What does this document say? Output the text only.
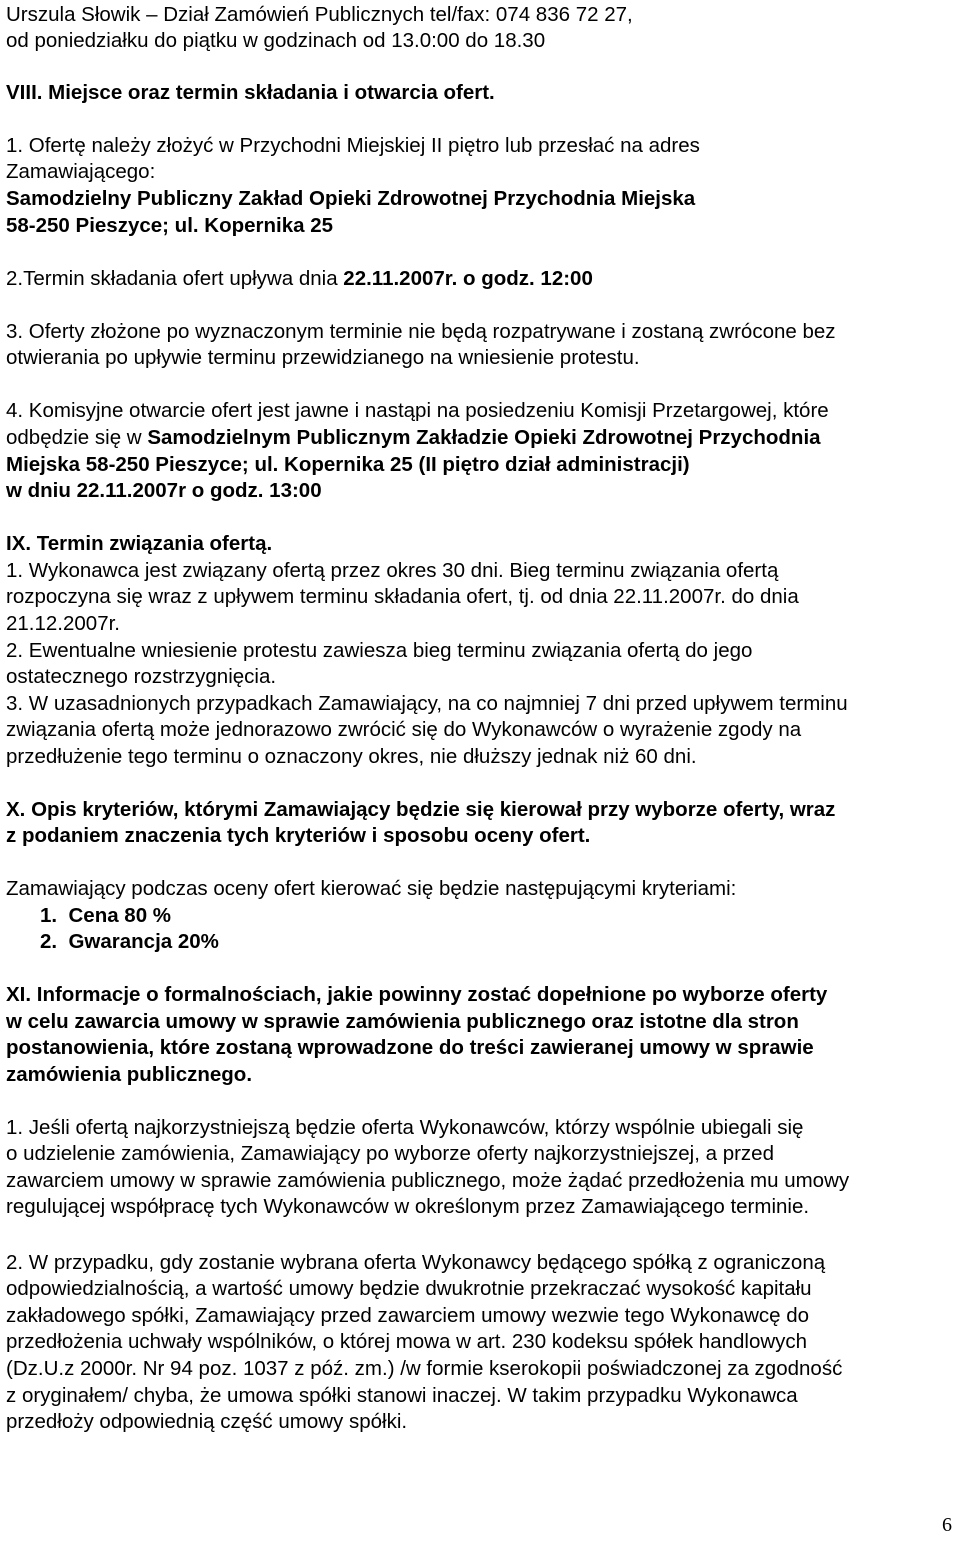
Urszula Słowik – Dział Zamówień Publicznych tel/fax: 074 836 72 27,
od poniedziałku do piątku w godzinach od 13.0:00 do 18.30
VIII. Miejsce oraz termin składania i otwarcia ofert.
1. Ofertę należy złożyć w Przychodni Miejskiej II piętro lub przesłać na adres
Zamawiającego:
Samodzielny Publiczny Zakład Opieki Zdrowotnej Przychodnia Miejska
58-250 Pieszyce; ul. Kopernika 25
2.Termin składania ofert upływa dnia 22.11.2007r. o godz. 12:00
3. Oferty złożone po wyznaczonym terminie nie będą rozpatrywane i zostaną zwrócone bez
otwierania po upływie terminu przewidzianego na wniesienie protestu.
4. Komisyjne otwarcie ofert jest jawne i nastąpi na posiedzeniu Komisji Przetargowej, które
odbędzie się w Samodzielnym Publicznym Zakładzie Opieki Zdrowotnej Przychodnia
Miejska 58-250 Pieszyce; ul. Kopernika 25 (II piętro dział administracji)
w dniu 22.11.2007r o godz. 13:00
IX. Termin związania ofertą.
1. Wykonawca jest związany ofertą przez okres 30 dni. Bieg terminu związania ofertą
rozpoczyna się wraz z upływem terminu składania ofert, tj. od dnia 22.11.2007r. do dnia
21.12.2007r.
2. Ewentualne wniesienie protestu zawiesza bieg terminu związania ofertą do jego
ostatecznego rozstrzygnięcia.
3. W uzasadnionych przypadkach Zamawiający, na co najmniej 7 dni przed upływem terminu
związania ofertą może jednorazowo zwrócić się do Wykonawców o wyrażenie zgody na
przedłużenie tego terminu o oznaczony okres, nie dłuższy jednak niż 60 dni.
X. Opis kryteriów, którymi Zamawiający będzie się kierował przy wyborze oferty, wraz
z podaniem znaczenia tych kryteriów i sposobu oceny ofert.
Zamawiający podczas oceny ofert kierować się będzie następującymi kryteriami:
1.  Cena 80 %
2.  Gwarancja 20%
XI. Informacje o formalnościach, jakie powinny zostać dopełnione po wyborze oferty
w celu zawarcia umowy w sprawie zamówienia publicznego oraz istotne dla stron
postanowienia, które zostaną wprowadzone do treści zawieranej umowy w sprawie
zamówienia publicznego.
1. Jeśli ofertą najkorzystniejszą będzie oferta Wykonawców, którzy wspólnie ubiegali się
o udzielenie zamówienia, Zamawiający po wyborze oferty najkorzystniejszej, a przed
zawarciem umowy w sprawie zamówienia publicznego, może żądać przedłożenia mu umowy
regulującej współpracę tych Wykonawców w określonym przez Zamawiającego terminie.
2. W przypadku, gdy zostanie wybrana oferta Wykonawcy będącego spółką z ograniczoną
odpowiedzialnością, a wartość umowy będzie dwukrotnie przekraczać wysokość kapitału
zakładowego spółki, Zamawiający przed zawarciem umowy wezwie tego Wykonawcę do
przedłożenia uchwały wspólników, o której mowa w art. 230 kodeksu spółek handlowych
(Dz.U.z 2000r. Nr 94 poz. 1037 z póź. zm.) /w formie kserokopii poświadczonej za zgodność
z oryginałem/ chyba, że umowa spółki stanowi inaczej. W takim przypadku Wykonawca
przedłoży odpowiednią część umowy spółki.
6
